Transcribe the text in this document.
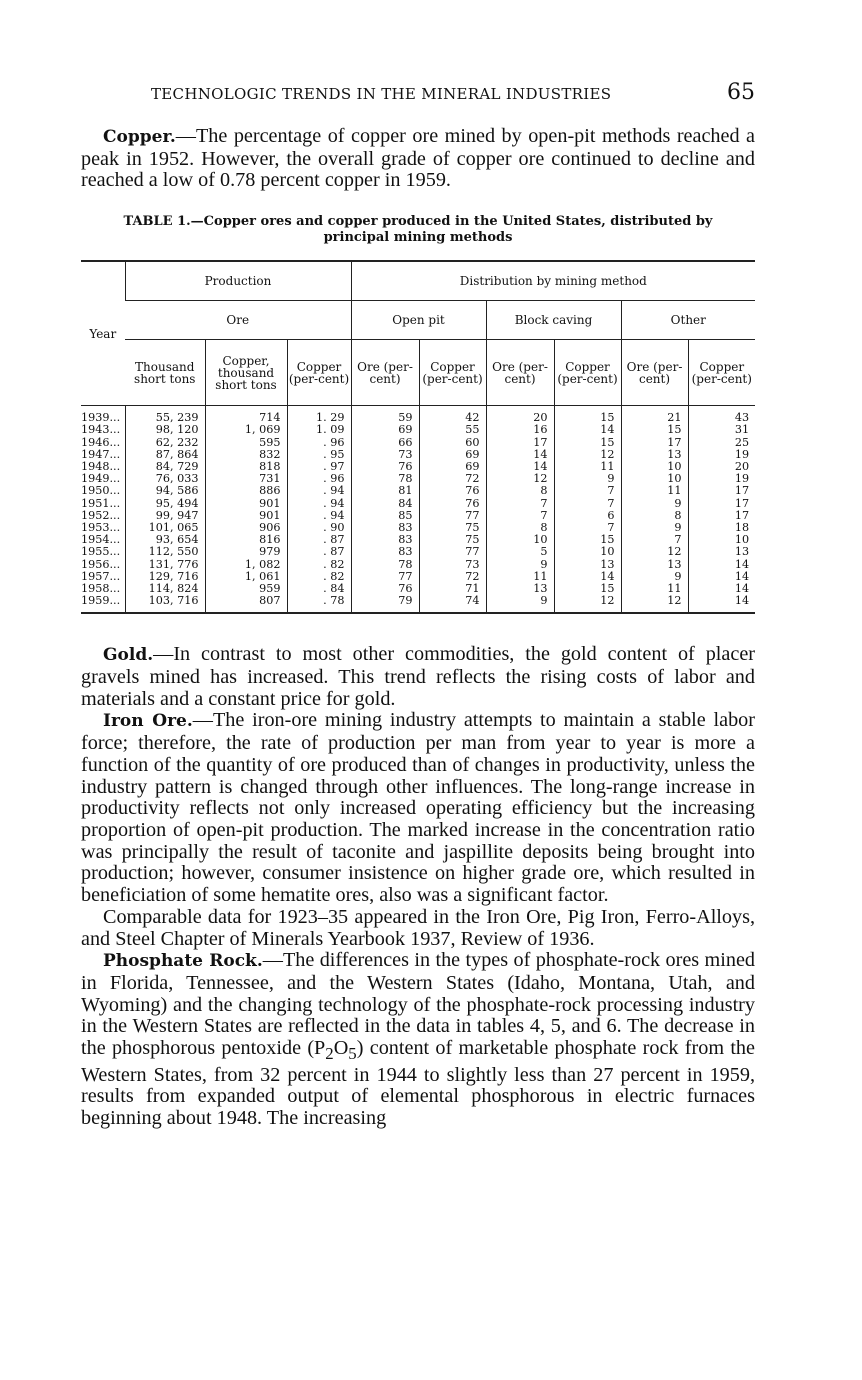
TECHNOLOGIC TRENDS IN THE MINERAL INDUSTRIES	65

Copper.—The percentage of copper ore mined by open-pit methods reached a peak in 1952. However, the overall grade of copper ore continued to decline and reached a low of 0.78 percent copper in 1959.

TABLE 1.—Copper ores and copper produced in the United States, distributed by
principal mining methods
Year	Production			Distribution by mining method					
	Ore			Open pit		Block caving		Other	
	Thousand short tons	Copper, thousand short tons	Copper (per-cent)	Ore (per-cent)	Copper (per-cent)	Ore (per-cent)	Copper (per-cent)	Ore (per-cent)	Copper (per-cent)
1939...	55, 239	714	1. 29	59	42	20	15	21	43
1943...	98, 120	1, 069	1. 09	69	55	16	14	15	31
1946...	62, 232	595	. 96	66	60	17	15	17	25
1947...	87, 864	832	. 95	73	69	14	12	13	19
1948...	84, 729	818	. 97	76	69	14	11	10	20
1949...	76, 033	731	. 96	78	72	12	9	10	19
1950...	94, 586	886	. 94	81	76	8	7	11	17
1951...	95, 494	901	. 94	84	76	7	7	9	17
1952...	99, 947	901	. 94	85	77	7	6	8	17
1953...	101, 065	906	. 90	83	75	8	7	9	18
1954...	93, 654	816	. 87	83	75	10	15	7	10
1955...	112, 550	979	. 87	83	77	5	10	12	13
1956...	131, 776	1, 082	. 82	78	73	9	13	13	14
1957...	129, 716	1, 061	. 82	77	72	11	14	9	14
1958...	114, 824	959	. 84	76	71	13	15	11	14
1959...	103, 716	807	. 78	79	74	9	12	12	14

Gold.—In contrast to most other commodities, the gold content of placer gravels mined has increased. This trend reflects the rising costs of labor and materials and a constant price for gold.

Iron Ore.—The iron-ore mining industry attempts to maintain a stable labor force; therefore, the rate of production per man from year to year is more a function of the quantity of ore produced than of changes in productivity, unless the industry pattern is changed through other influences. The long-range increase in productivity reflects not only increased operating efficiency but the increasing proportion of open-pit production. The marked increase in the concentration ratio was principally the result of taconite and jaspillite deposits being brought into production; however, consumer insistence on higher grade ore, which resulted in beneficiation of some hematite ores, also was a significant factor.

Comparable data for 1923–35 appeared in the Iron Ore, Pig Iron, Ferro-Alloys, and Steel Chapter of Minerals Yearbook 1937, Review of 1936.

Phosphate Rock.—The differences in the types of phosphate-rock ores mined in Florida, Tennessee, and the Western States (Idaho, Montana, Utah, and Wyoming) and the changing technology of the phosphate-rock processing industry in the Western States are reflected in the data in tables 4, 5, and 6. The decrease in the phosphorous pentoxide $(P_2O_5)$ content of marketable phosphate rock from the Western States, from 32 percent in 1944 to slightly less than 27 percent in 1959, results from expanded output of elemental phosphorous in electric furnaces beginning about 1948. The increasing
